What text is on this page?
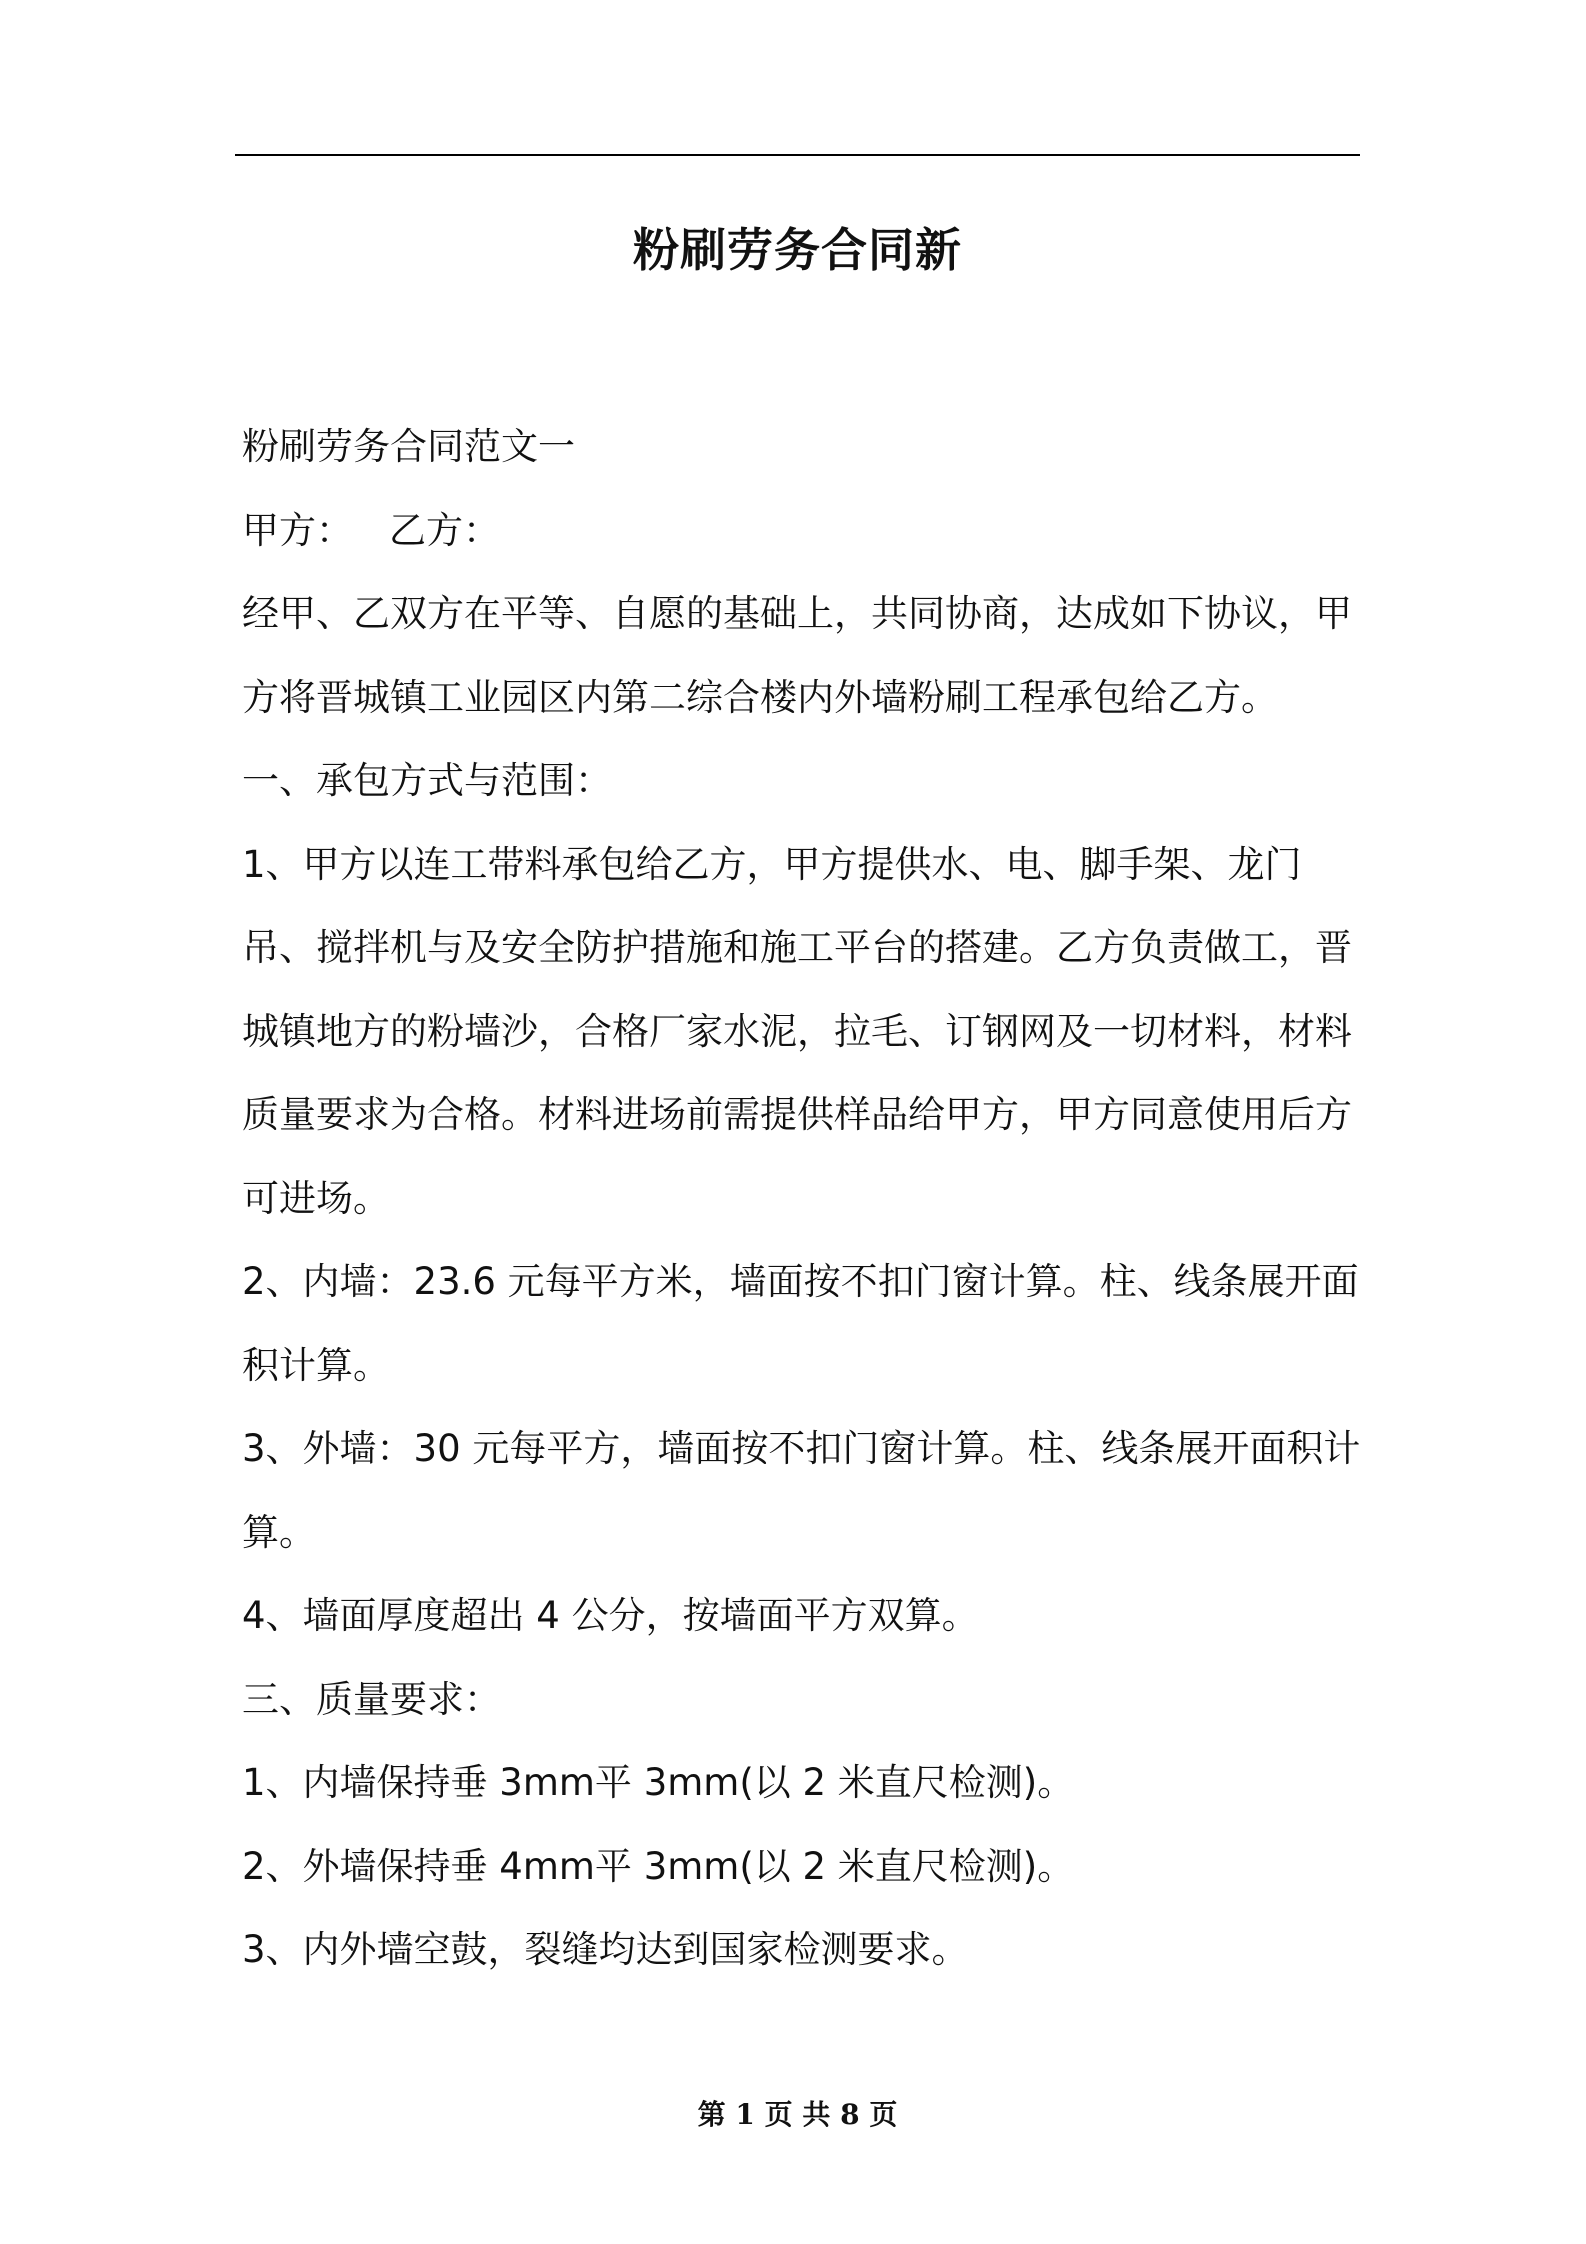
粉刷劳务合同新

粉刷劳务合同范文一

甲方： 乙方：

经甲、乙双方在平等、自愿的基础上，共同协商，达成如下协议，甲方将晋城镇工业园区内第二综合楼内外墙粉刷工程承包给乙方。

一、承包方式与范围：

1、甲方以连工带料承包给乙方，甲方提供水、电、脚手架、龙门吊、搅拌机与及安全防护措施和施工平台的搭建。乙方负责做工，晋城镇地方的粉墙沙，合格厂家水泥，拉毛、订钢网及一切材料，材料质量要求为合格。材料进场前需提供样品给甲方，甲方同意使用后方可进场。

2、内墙：23.6 元每平方米，墙面按不扣门窗计算。柱、线条展开面积计算。

3、外墙：30 元每平方，墙面按不扣门窗计算。柱、线条展开面积计算。

4、墙面厚度超出 4 公分，按墙面平方双算。

三、质量要求：

1、内墙保持垂 3mm平 3mm(以 2 米直尺检测)。

2、外墙保持垂 4mm平 3mm(以 2 米直尺检测)。

3、内外墙空鼓，裂缝均达到国家检测要求。

第 1 页 共 8 页
